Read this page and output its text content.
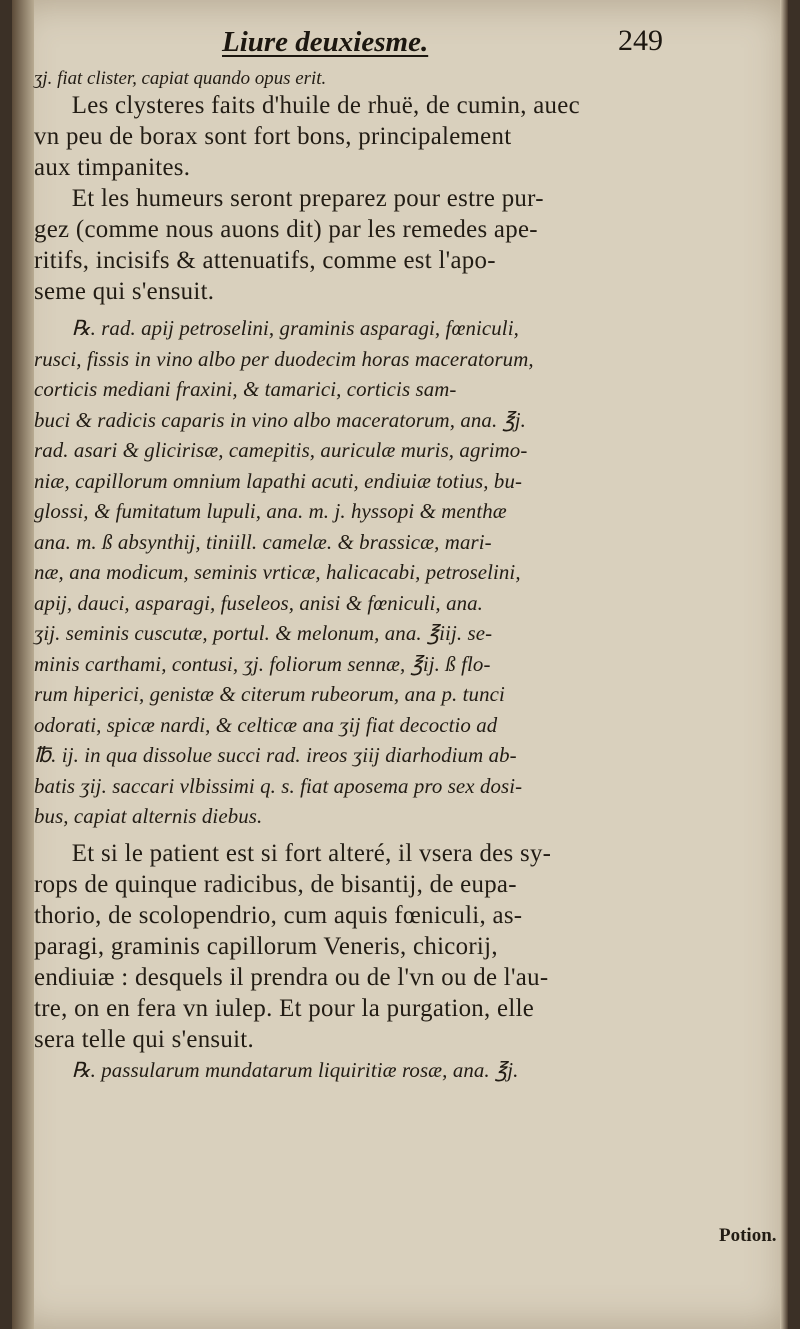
Liure deuxiesme.	249
ʒj. fiat clister, capiat quando opus erit.
Les clysteres faits d'huile de rhuë, de cumin, auec
vn peu de borax sont fort bons, principalement
aux timpanites.
Et les humeurs seront preparez pour estre pur-
gez (comme nous auons dit) par les remedes ape-
ritifs, incisifs & attenuatifs, comme est l'apo-
seme qui s'ensuit.
℞. rad. apij petroselini, graminis asparagi, fœniculi,
rusci, fissis in vino albo per duodecim horas maceratorum,
corticis mediani fraxini, & tamarici, corticis sam-
buci & radicis caparis in vino albo maceratorum, ana. ℥j.
rad. asari & glicirisæ, camepitis, auriculæ muris, agrimo-
niæ, capillorum omnium lapathi acuti, endiuiæ totius, bu-
glossi, & fumitatum lupuli, ana. m. j. hyssopi & menthæ
ana. m. ß absynthij, tiniill. camelæ. & brassicæ, mari-
næ, ana modicum, seminis vrticæ, halicacabi, petroselini,
apij, dauci, asparagi, fuseleos, anisi & fœniculi, ana.
ʒij. seminis cuscutæ, portul. & melonum, ana. ℥iij. se-
minis carthami, contusi, ʒj. foliorum sennæ, ℥ij. ß flo-
rum hiperici, genistæ & citerum rubeorum, ana p. tunci
odorati, spicæ nardi, & celticæ ana ʒij fiat decoctio ad
℔. ij. in qua dissolue succi rad. ireos ʒiij diarhodium ab-
batis ʒij. saccari vlbissimi q. s. fiat aposema pro sex dosi-
bus, capiat alternis diebus.
Et si le patient est si fort alteré, il vsera des sy-
rops de quinque radicibus, de bisantij, de eupa-
thorio, de scolopendrio, cum aquis fœniculi, as-
paragi, graminis capillorum Veneris, chicorij,
endiuiæ : desquels il prendra ou de l'vn ou de l'au-
tre, on en fera vn iulep. Et pour la purgation, elle
sera telle qui s'ensuit.
℞. passularum mundatarum liquiritiæ rosæ, ana. ℥j.
Potion.
